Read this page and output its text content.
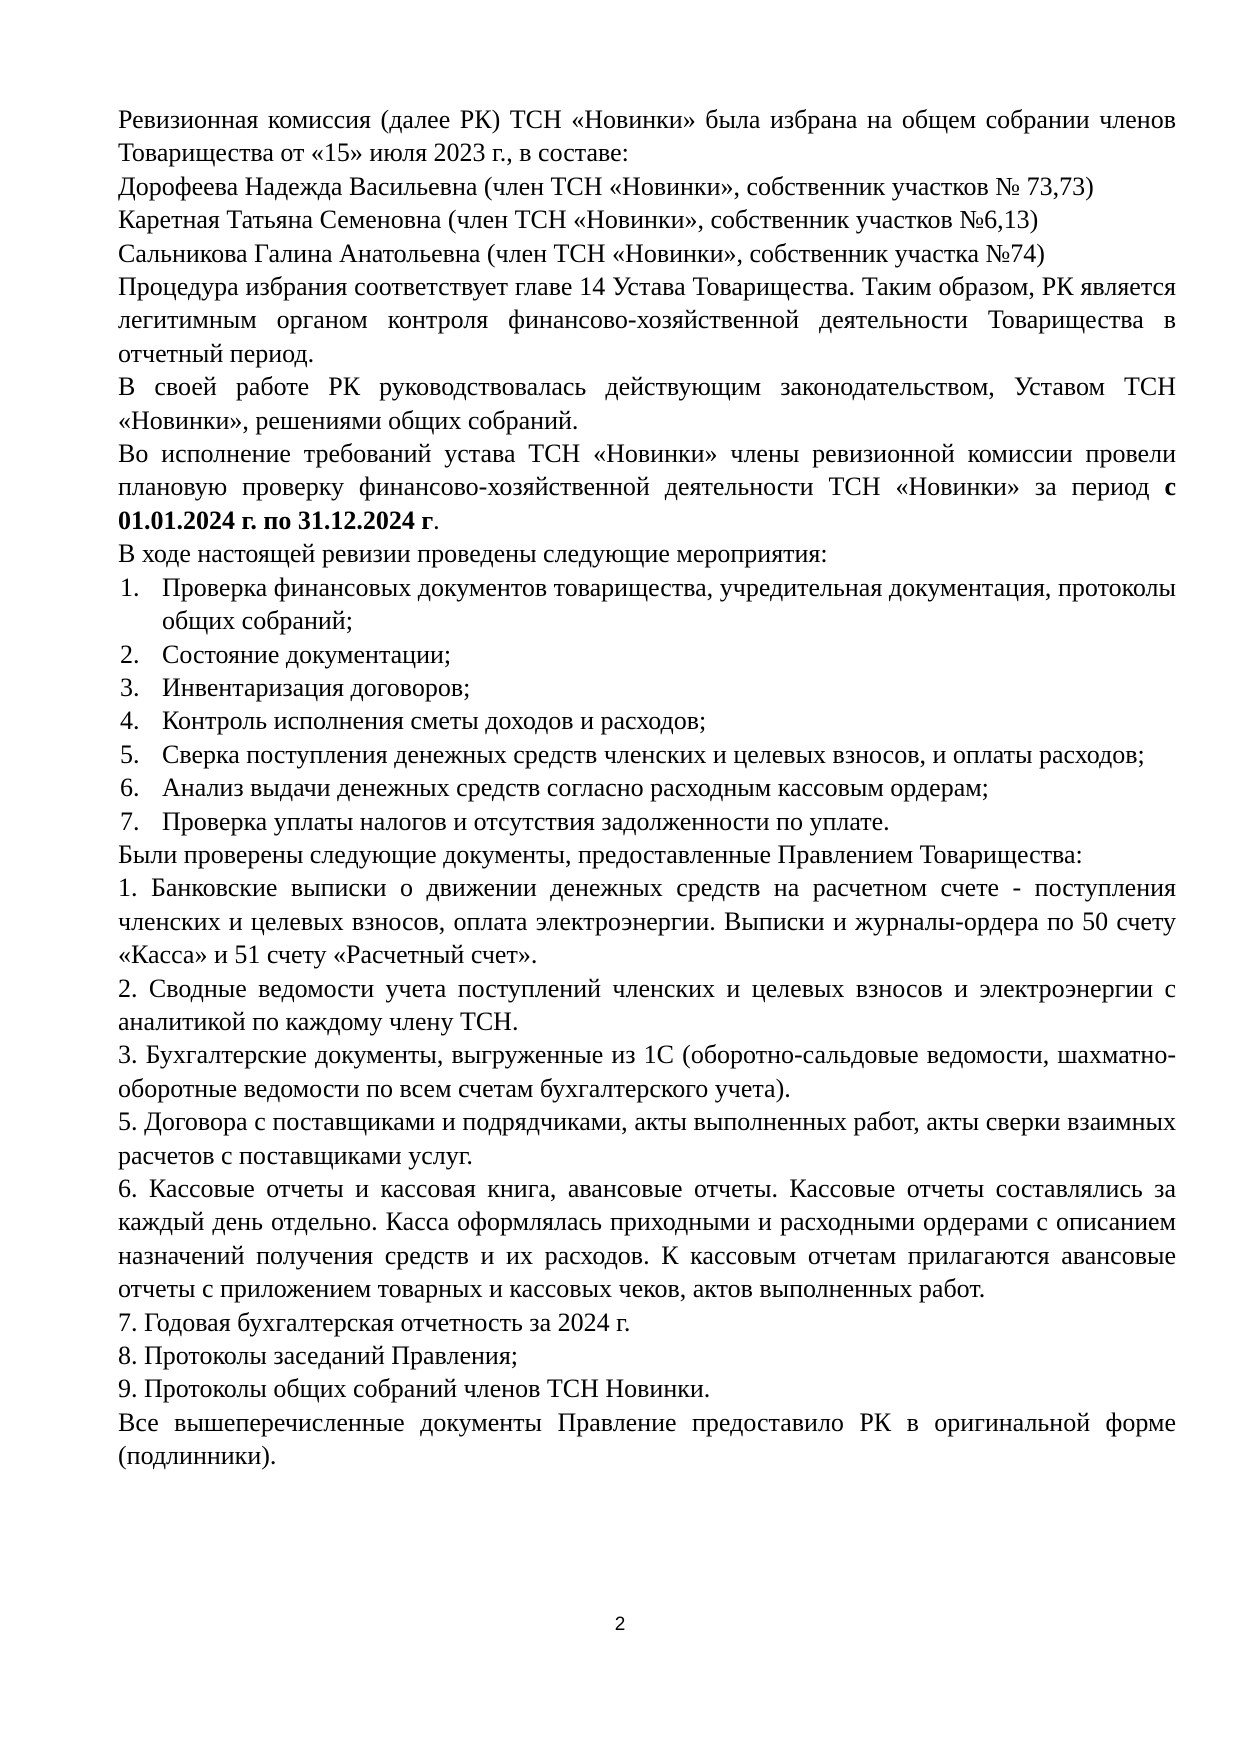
Ревизионная комиссия (далее РК) ТСН «Новинки» была избрана на общем собрании членов Товарищества от «15» июля 2023 г., в составе:

Дорофеева Надежда Васильевна (член ТСН «Новинки», собственник участков № 73,73)

Каретная Татьяна Семеновна (член ТСН «Новинки», собственник участков №6,13)

Сальникова Галина Анатольевна (член ТСН «Новинки», собственник участка №74)

Процедура избрания соответствует главе 14 Устава Товарищества. Таким образом, РК является легитимным органом контроля финансово-хозяйственной деятельности Товарищества в отчетный период.

В своей работе РК руководствовалась действующим законодательством, Уставом ТСН «Новинки», решениями общих собраний.

Во исполнение требований устава ТСН «Новинки» члены ревизионной комиссии провели плановую проверку финансово-хозяйственной деятельности ТСН «Новинки» за период с 01.01.2024 г. по 31.12.2024 г.

В ходе настоящей ревизии проведены следующие мероприятия:

1. Проверка финансовых документов товарищества, учредительная документация, протоколы общих собраний;
2. Состояние документации;
3. Инвентаризация договоров;
4. Контроль исполнения сметы доходов и расходов;
5. Сверка поступления денежных средств членских и целевых взносов, и оплаты расходов;
6. Анализ выдачи денежных средств согласно расходным кассовым ордерам;
7. Проверка уплаты налогов и отсутствия задолженности по уплате.

Были проверены следующие документы, предоставленные Правлением Товарищества:

1. Банковские выписки о движении денежных средств на расчетном счете - поступления членских и целевых взносов, оплата электроэнергии. Выписки и журналы-ордера по 50 счету «Касса» и 51 счету «Расчетный счет».

2. Сводные ведомости учета поступлений членских и целевых взносов и электроэнергии с аналитикой по каждому члену ТСН.

3. Бухгалтерские документы, выгруженные из 1С (оборотно-сальдовые ведомости, шахматно-оборотные ведомости по всем счетам бухгалтерского учета).

5. Договора с поставщиками и подрядчиками, акты выполненных работ, акты сверки взаимных расчетов с поставщиками услуг.

6. Кассовые отчеты и кассовая книга, авансовые отчеты. Кассовые отчеты составлялись за каждый день отдельно. Касса оформлялась приходными и расходными ордерами с описанием назначений получения средств и их расходов. К кассовым отчетам прилагаются авансовые отчеты с приложением товарных и кассовых чеков, актов выполненных работ.

7. Годовая бухгалтерская отчетность за 2024 г.

8. Протоколы заседаний Правления;

9. Протоколы общих собраний членов ТСН Новинки.

Все вышеперечисленные документы Правление предоставило РК в оригинальной форме (подлинники).

2
